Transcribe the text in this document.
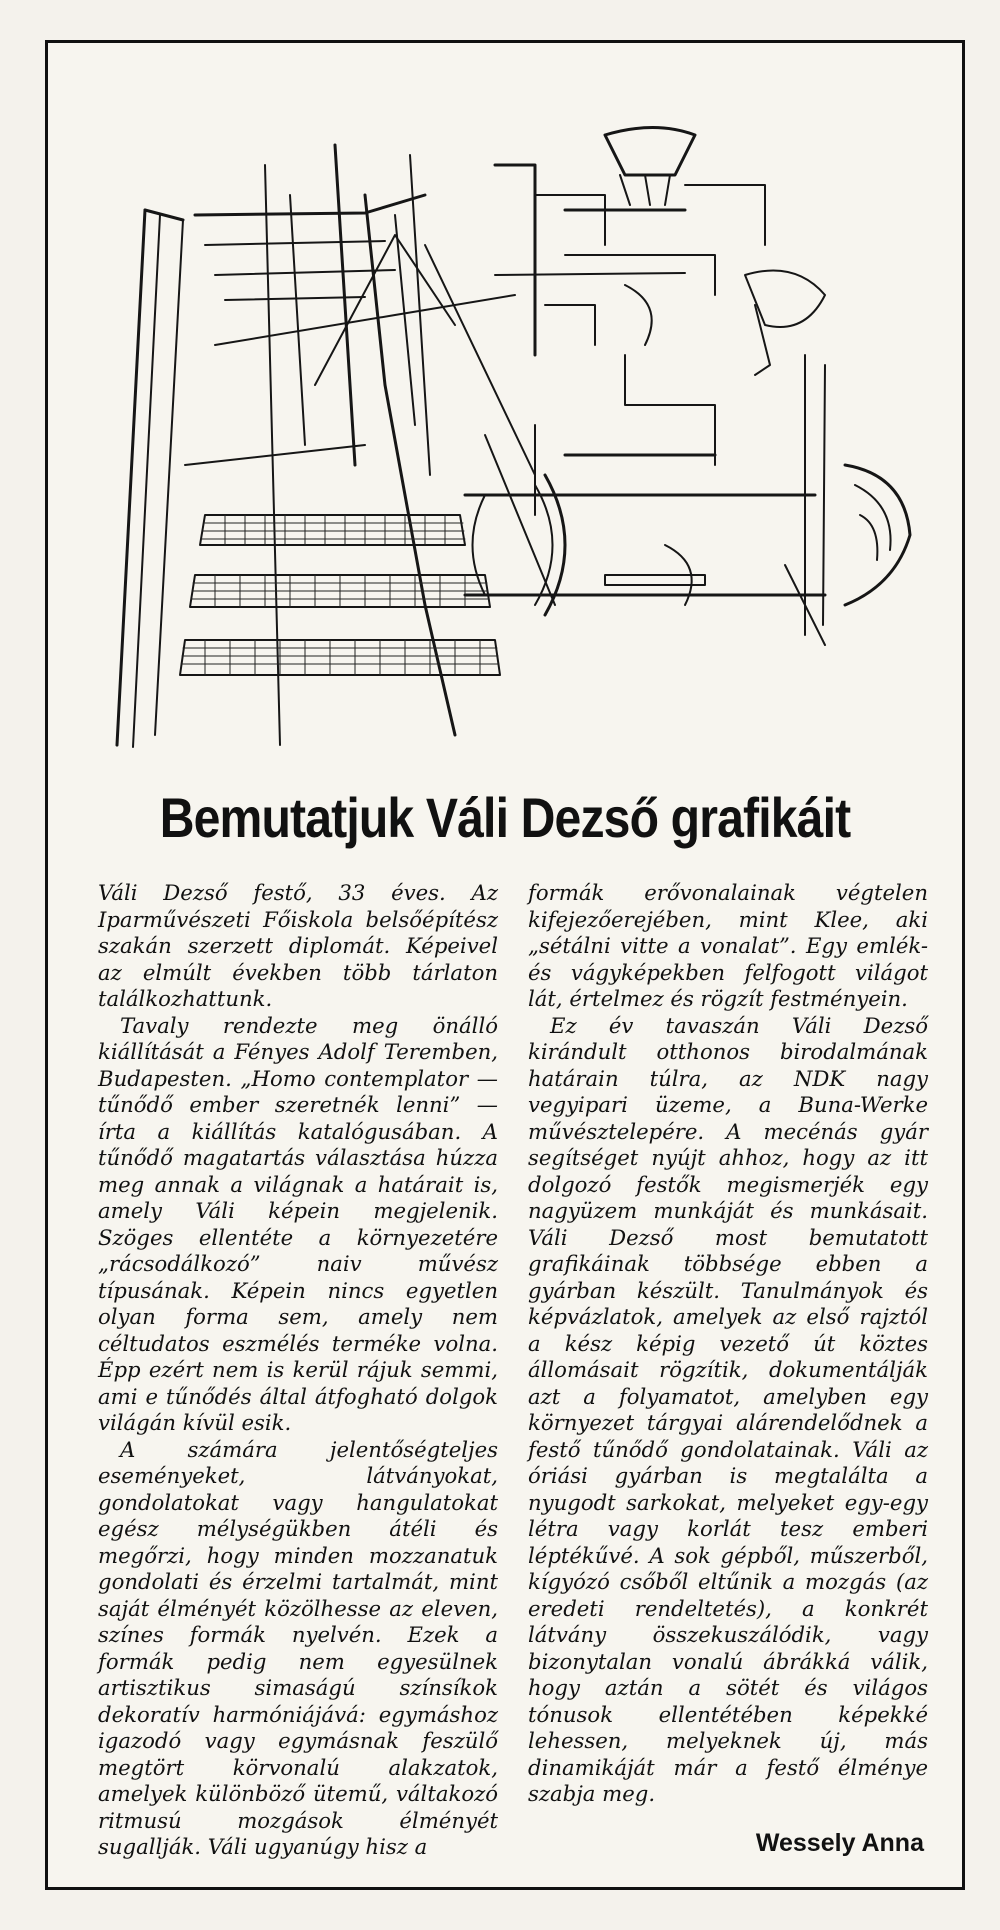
Bemutatjuk Váli Dezső grafikáit

Váli Dezső festő, 33 éves. Az Iparművészeti Főiskola belsőépítész szakán szerzett diplomát. Képeivel az elmúlt években több tárlaton találkozhattunk.

Tavaly rendezte meg önálló kiállítását a Fényes Adolf Teremben, Budapesten. „Homo contemplator — tűnődő ember szeretnék lenni” — írta a kiállítás katalógusában. A tűnődő magatartás választása húzza meg annak a világnak a határait is, amely Váli képein megjelenik. Szöges ellentéte a környezetére „rácsodálkozó” naiv művész típusának. Képein nincs egyetlen olyan forma sem, amely nem céltudatos eszmélés terméke volna. Épp ezért nem is kerül rájuk semmi, ami e tűnődés által átfogható dolgok világán kívül esik.

A számára jelentőségteljes eseményeket, látványokat, gondolatokat vagy hangulatokat egész mélységükben átéli és megőrzi, hogy minden mozzanatuk gondolati és érzelmi tartalmát, mint saját élményét közölhesse az eleven, színes formák nyelvén. Ezek a formák pedig nem egyesülnek artisztikus simaságú színsíkok dekoratív harmóniájává: egymáshoz igazodó vagy egymásnak feszülő megtört körvonalú alakzatok, amelyek különböző ütemű, váltakozó ritmusú mozgások élményét sugallják. Váli ugyanúgy hisz a

formák erővonalainak végtelen kifejezőerejében, mint Klee, aki „sétálni vitte a vonalat”. Egy emlék- és vágyképekben felfogott világot lát, értelmez és rögzít festményein.

Ez év tavaszán Váli Dezső kirándult otthonos birodalmának határain túlra, az NDK nagy vegyipari üzeme, a Buna-Werke művésztelepére. A mecénás gyár segítséget nyújt ahhoz, hogy az itt dolgozó festők megismerjék egy nagyüzem munkáját és munkásait. Váli Dezső most bemutatott grafikáinak többsége ebben a gyárban készült. Tanulmányok és képvázlatok, amelyek az első rajztól a kész képig vezető út köztes állomásait rögzítik, dokumentálják azt a folyamatot, amelyben egy környezet tárgyai alárendelődnek a festő tűnődő gondolatainak. Váli az óriási gyárban is megtalálta a nyugodt sarkokat, melyeket egy-egy létra vagy korlát tesz emberi léptékűvé. A sok gépből, műszerből, kígyózó csőből eltűnik a mozgás (az eredeti rendeltetés), a konkrét látvány összekuszálódik, vagy bizonytalan vonalú ábrákká válik, hogy aztán a sötét és világos tónusok ellentétében képekké lehessen, melyeknek új, más dinamikáját már a festő élménye szabja meg.

Wessely Anna
